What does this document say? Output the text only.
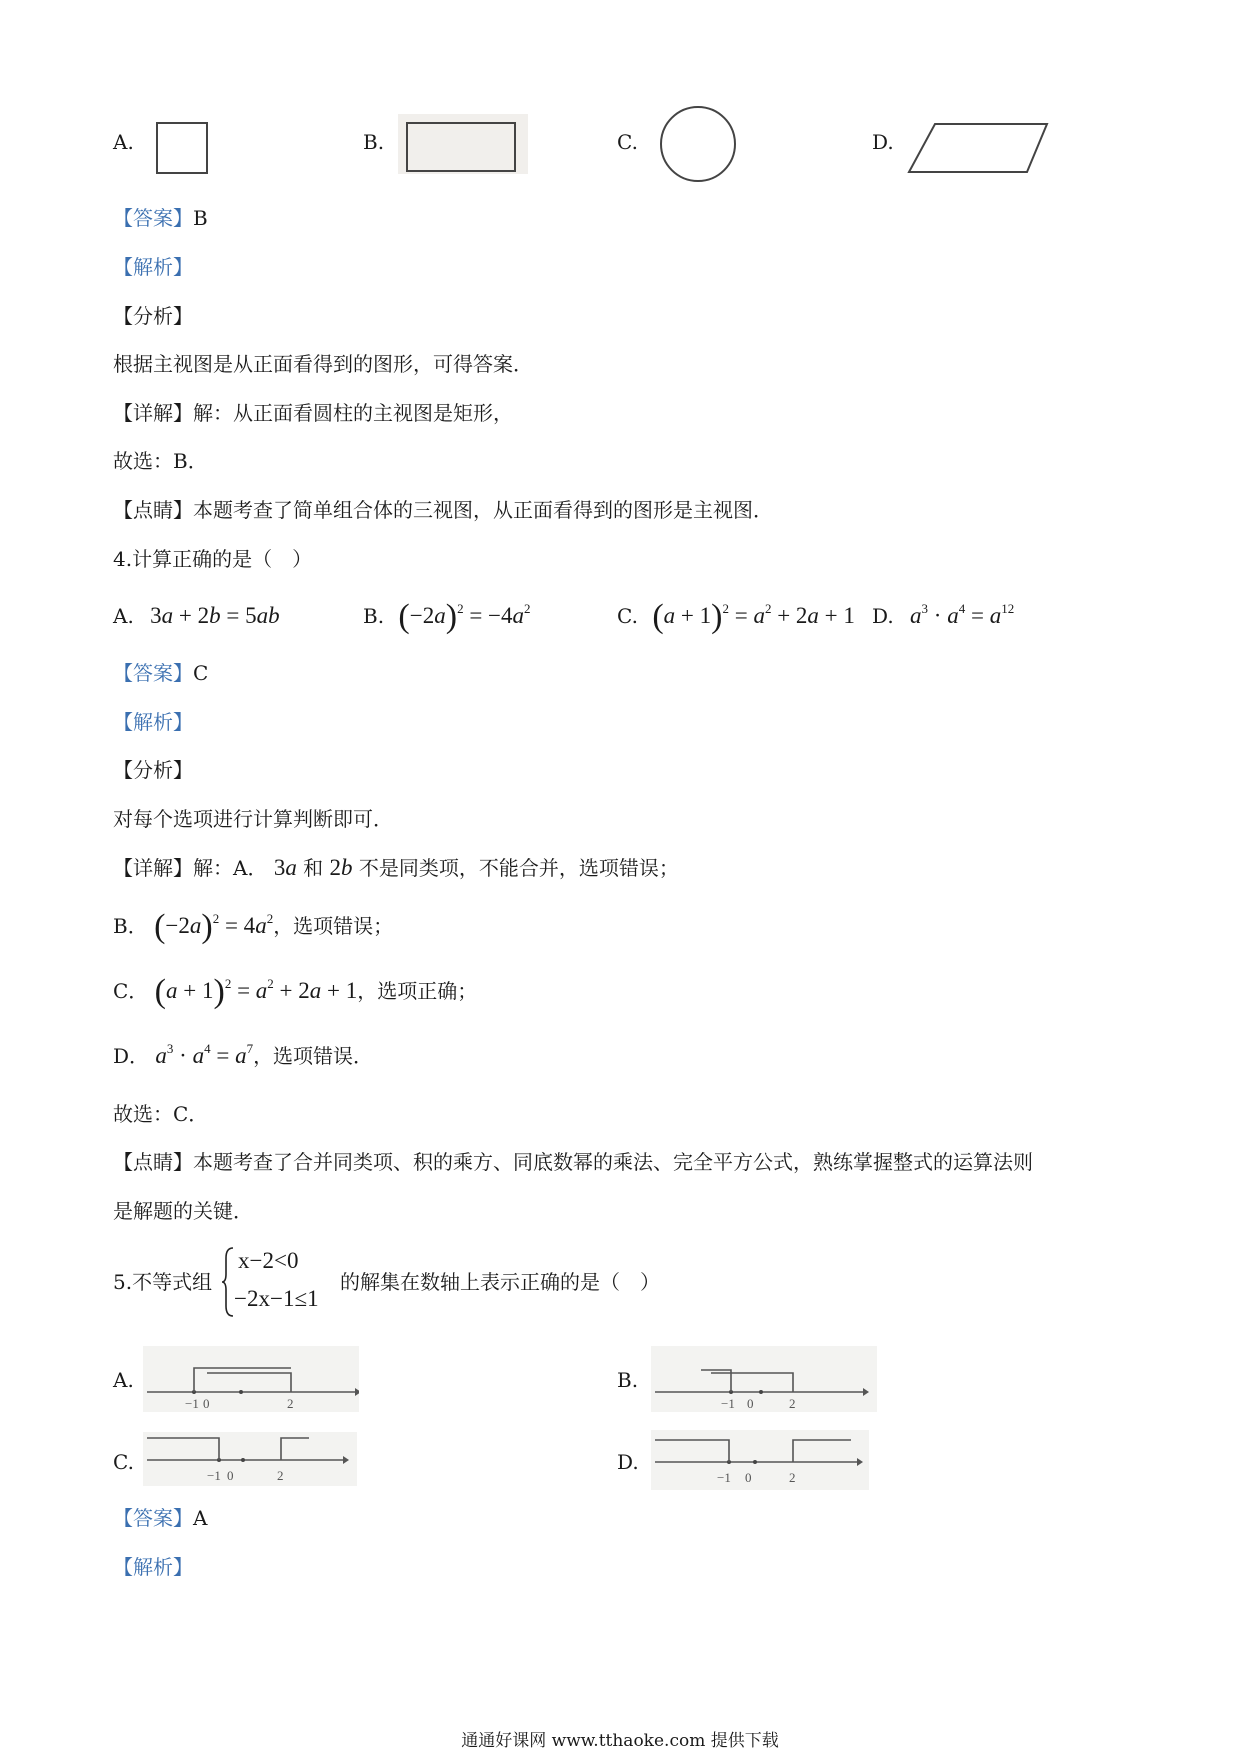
A.	B.	C.	D.
【答案】B
【解析】
【分析】
根据主视图是从正面看得到的图形，可得答案．
【详解】解：从正面看圆柱的主视图是矩形，
故选：B．
【点睛】本题考查了简单组合体的三视图，从正面看得到的图形是主视图．
4.计算正确的是（　）
A. 3a + 2b = 5ab	B. $(-2a)^2 = -4a^2$	C. $(a + 1)^2 = a^2 + 2a + 1$ D. $a^3 \cdot a^4 = a^{12}$
【答案】C
【解析】
【分析】
对每个选项进行计算判断即可．
【详解】解：A． 3a 和 2b 不是同类项，不能合并，选项错误；
B． $(-2a)^2 = 4a^2$，选项错误；
C． $(a + 1)^2 = a^2 + 2a + 1$，选项正确；
D． $a^3 \cdot a^4 = a^7$，选项错误．
故选：C．
【点睛】本题考查了合并同类项、积的乘方、同底数幂的乘法、完全平方公式，熟练掌握整式的运算法则
是解题的关键．
5.不等式组
x−2<0
−2x−1≤1
的解集在数轴上表示正确的是（　）
A.
−1 0	2
B.
−1 0	2
C.
−1 0	2
D.
−1 0	2
【答案】A
【解析】
通通好课网 www.tthaoke.com 提供下载
